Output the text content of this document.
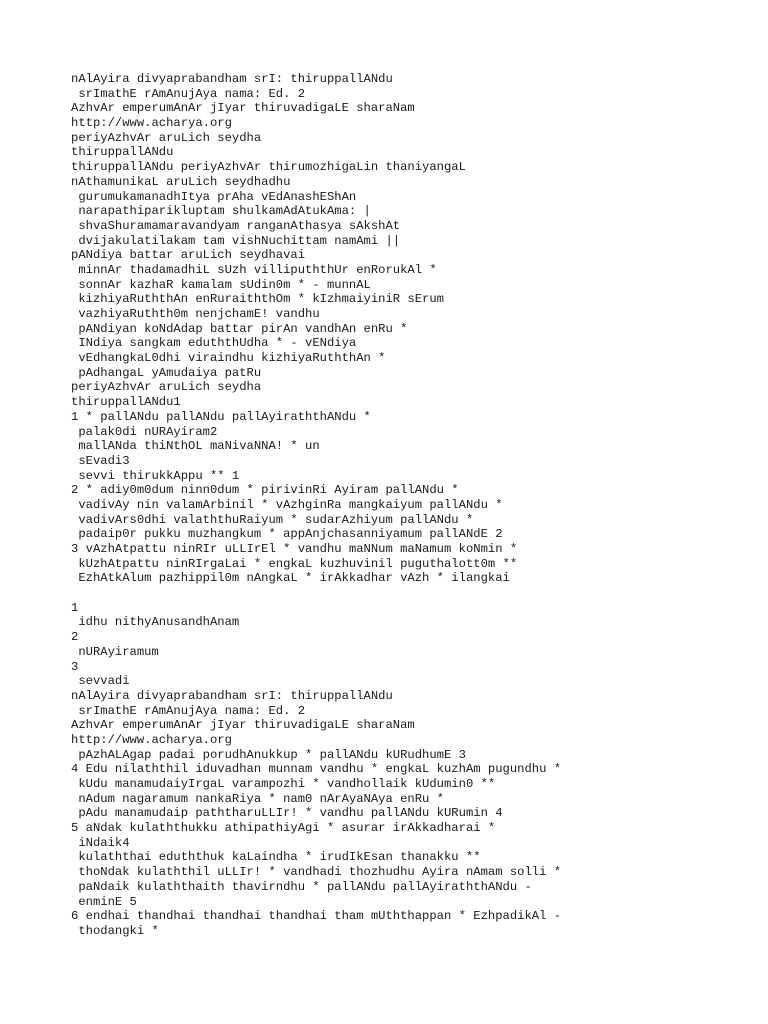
nAlAyira divyaprabandham srI: thiruppallANdu
srImathE rAmAnujAya nama: Ed. 2
AzhvAr emperumAnAr jIyar thiruvadigaLE sharaNam
http://www.acharya.org
periyAzhvAr aruLich seydha
thiruppallANdu
thiruppallANdu periyAzhvAr thirumozhigaLin thaniyangaL
nAthamunikaL aruLich seydhadhu
gurumukamanadhItya prAha vEdAnashEShAn
narapathiparikluptam shulkamAdAtukAma: |
shvaShuramamaravandyam ranganAthasya sAkshAt
dvijakulatilakam tam vishNuchittam namAmi ||
pANdiya battar aruLich seydhavai
minnAr thadamadhiL sUzh villipuththUr enRorukAl *
sonnAr kazhaR kamalam sUdin0m * - munnAL
kizhiyaRuththAn enRuraiththOm * kIzhmaiyiniR sErum
vazhiyaRuthth0m nenjchamE! vandhu
pANdiyan koNdAdap battar pirAn vandhAn enRu *
INdiya sangkam eduththUdha * - vENdiya
vEdhangkaL0dhi viraindhu kizhiyaRuththAn *
pAdhangaL yAmudaiya patRu
periyAzhvAr aruLich seydha
thiruppallANdu1
1 * pallANdu pallANdu pallAyiraththANdu *
palak0di nURAyiram2
mallANda thiNthOL maNivaNNA! * un
sEvadi3
sevvi thirukkAppu ** 1
2 * adiy0m0dum ninn0dum * pirivinRi Ayiram pallANdu *
vadivAy nin valamArbinil * vAzhginRa mangkaiyum pallANdu *
vadivArs0dhi valaththuRaiyum * sudarAzhiyum pallANdu *
padaip0r pukku muzhangkum * appAnjchasanniyamum pallANdE 2
3 vAzhAtpattu ninRIr uLLIrEl * vandhu maNNum maNamum koNmin *
kUzhAtpattu ninRIrgaLai * engkaL kuzhuvinil puguthalott0m **
EzhAtkAlum pazhippil0m nAngkaL * irAkkadhar vAzh * ilangkai
1
idhu nithyAnusandhAnam
2
nURAyiramum
3
sevvadi
nAlAyira divyaprabandham srI: thiruppallANdu
srImathE rAmAnujAya nama: Ed. 2
AzhvAr emperumAnAr jIyar thiruvadigaLE sharaNam
http://www.acharya.org
pAzhALAgap padai porudhAnukkup * pallANdu kURudhumE 3
4 Edu nilaththil iduvadhan munnam vandhu * engkaL kuzhAm pugundhu *
kUdu manamudaiyIrgaL varampozhi * vandhollaik kUdumin0 **
nAdum nagaramum nankaRiya * nam0 nArAyaNAya enRu *
pAdu manamudaip paththaruLLIr! * vandhu pallANdu kURumin 4
5 aNdak kulaththukku athipathiyAgi * asurar irAkkadharai *
iNdaik4
kulaththai eduththuk kaLaindha * irudIkEsan thanakku **
thoNdak kulaththil uLLIr! * vandhadi thozhudhu Ayira nAmam solli *
paNdaik kulaththaith thavirndhu * pallANdu pallAyiraththANdu -
enminE 5
6 endhai thandhai thandhai thandhai tham mUththappan * EzhpadikAl -
thodangki *
